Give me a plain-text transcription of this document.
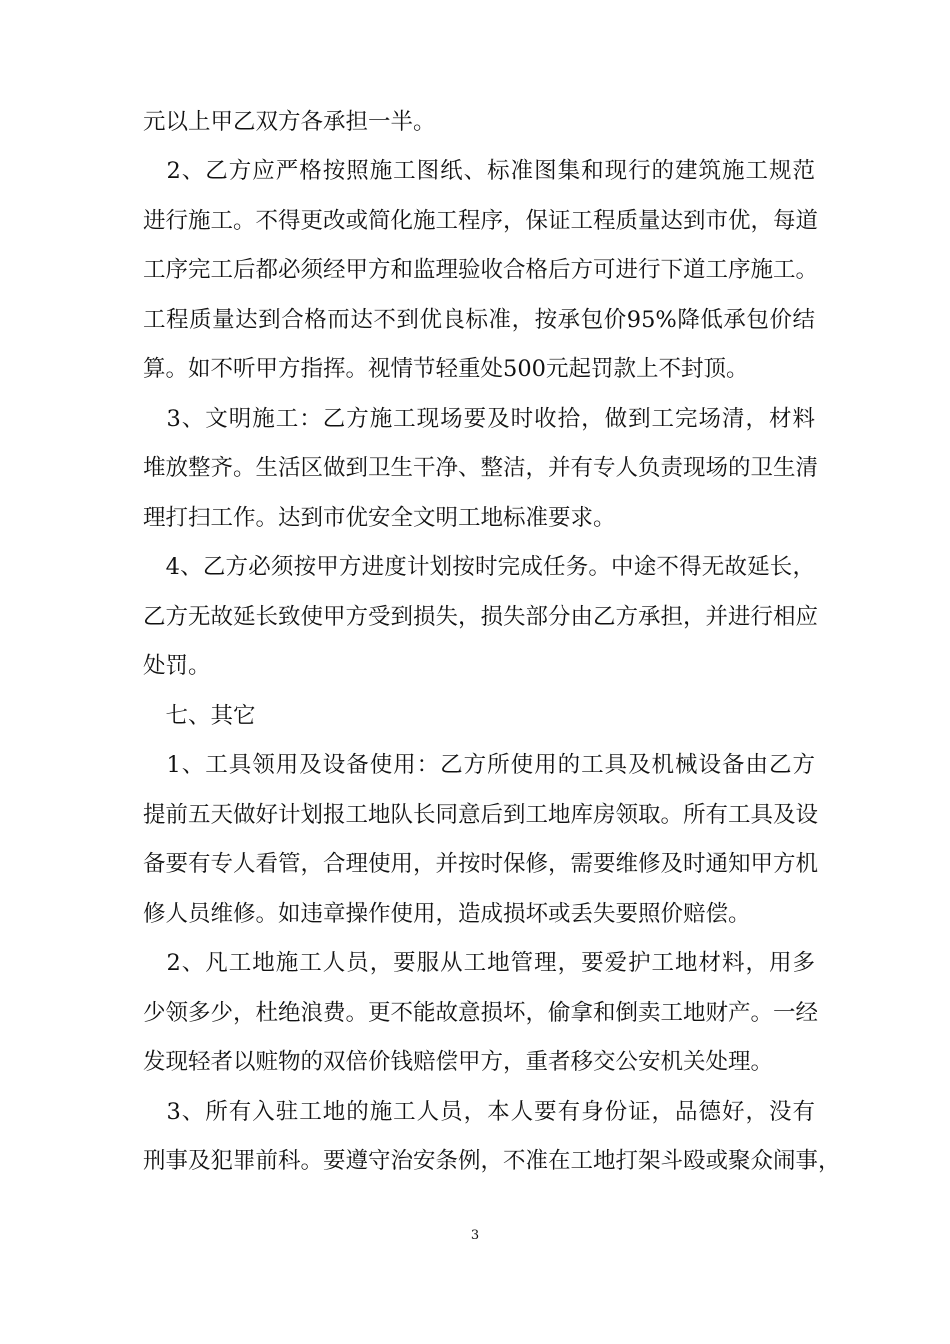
元以上甲乙双方各承担一半。
　2、乙方应严格按照施工图纸、标准图集和现行的建筑施工规范
进行施工。不得更改或简化施工程序，保证工程质量达到市优，每道
工序完工后都必须经甲方和监理验收合格后方可进行下道工序施工。
工程质量达到合格而达不到优良标准，按承包价95%降低承包价结
算。如不听甲方指挥。视情节轻重处500元起罚款上不封顶。
　3、文明施工：乙方施工现场要及时收拾，做到工完场清，材料
堆放整齐。生活区做到卫生干净、整洁，并有专人负责现场的卫生清
理打扫工作。达到市优安全文明工地标准要求。
　4、乙方必须按甲方进度计划按时完成任务。中途不得无故延长，
乙方无故延长致使甲方受到损失，损失部分由乙方承担，并进行相应
处罚。
　七、其它
　1、工具领用及设备使用：乙方所使用的工具及机械设备由乙方
提前五天做好计划报工地队长同意后到工地库房领取。所有工具及设
备要有专人看管，合理使用，并按时保修，需要维修及时通知甲方机
修人员维修。如违章操作使用，造成损坏或丢失要照价赔偿。
　2、凡工地施工人员，要服从工地管理，要爱护工地材料，用多
少领多少，杜绝浪费。更不能故意损坏，偷拿和倒卖工地财产。一经
发现轻者以赃物的双倍价钱赔偿甲方，重者移交公安机关处理。
　3、所有入驻工地的施工人员，本人要有身份证，品德好，没有
刑事及犯罪前科。要遵守治安条例，不准在工地打架斗殴或聚众闹事，
3
